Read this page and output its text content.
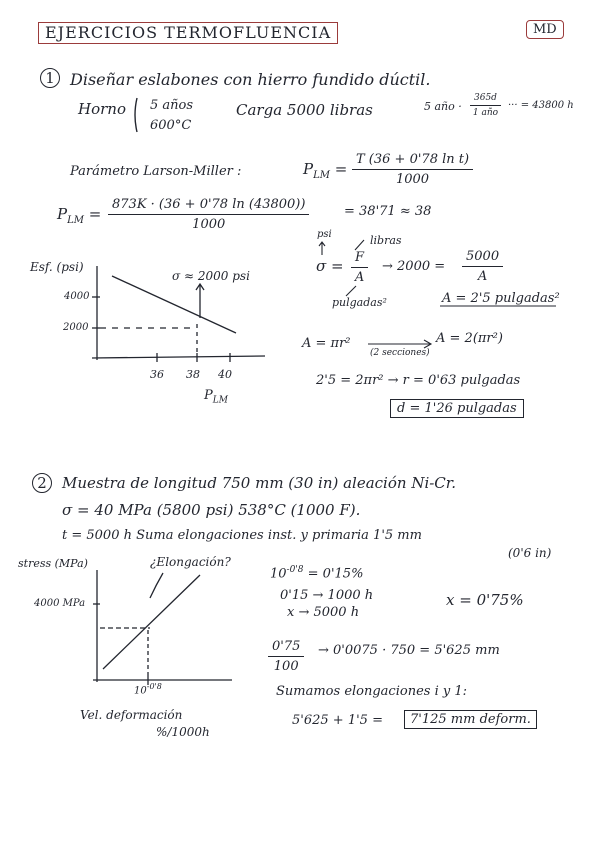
EJERCICIOS TERMOFLUENCIA	MD
1 Diseñar eslabones con hierro fundido dúctil.
Horno 5 años
600°C
Carga 5000 libras	5 año ·
365d
1 año
··· = 43800 h
Parámetro Larson-Miller :	$P_{LM} = \frac{\text{T (36 + 0'78 ln t)}}{1000}$
$P_{LM} = \frac{873K \cdot (36 + 0'78 \ln (43800))}{1000}$	= 38'71 ≈ 38
Esf. (psi)
4000
2000
36 38 40
$P_{LM}$
σ ≈ 2000 psi
psi	libras
$\sigma = \frac{F}{A} \to 2000 = \frac{5000}{A}$
pulgadas²	A = 2'5 pulgadas²
A = πr²
(2 secciones)
A = 2(πr²)
2'5 = 2πr² → r = 0'63 pulgadas
d = 1'26 pulgadas
2	Muestra de longitud 750 mm (30 in) aleación Ni-Cr.
σ = 40 MPa (5800 psi) 538°C (1000 F).
t = 5000 h Suma elongaciones inst. y primaria 1'5 mm
(0'6 in)
stress (MPa)	¿Elongación?
4000 MPa
$10^{-0'8}$
Vel. deformación
%/1000h
$10^{-0'8} = 0'15\%$
0'15 → 1000 h
x → 5000 h
x = 0'75%
$\frac{0'75}{100} \to 0'0075 \cdot 750 = 5'625$ mm
Sumamos elongaciones i y 1:
5'625 + 1'5 =	7'125 mm deform.
